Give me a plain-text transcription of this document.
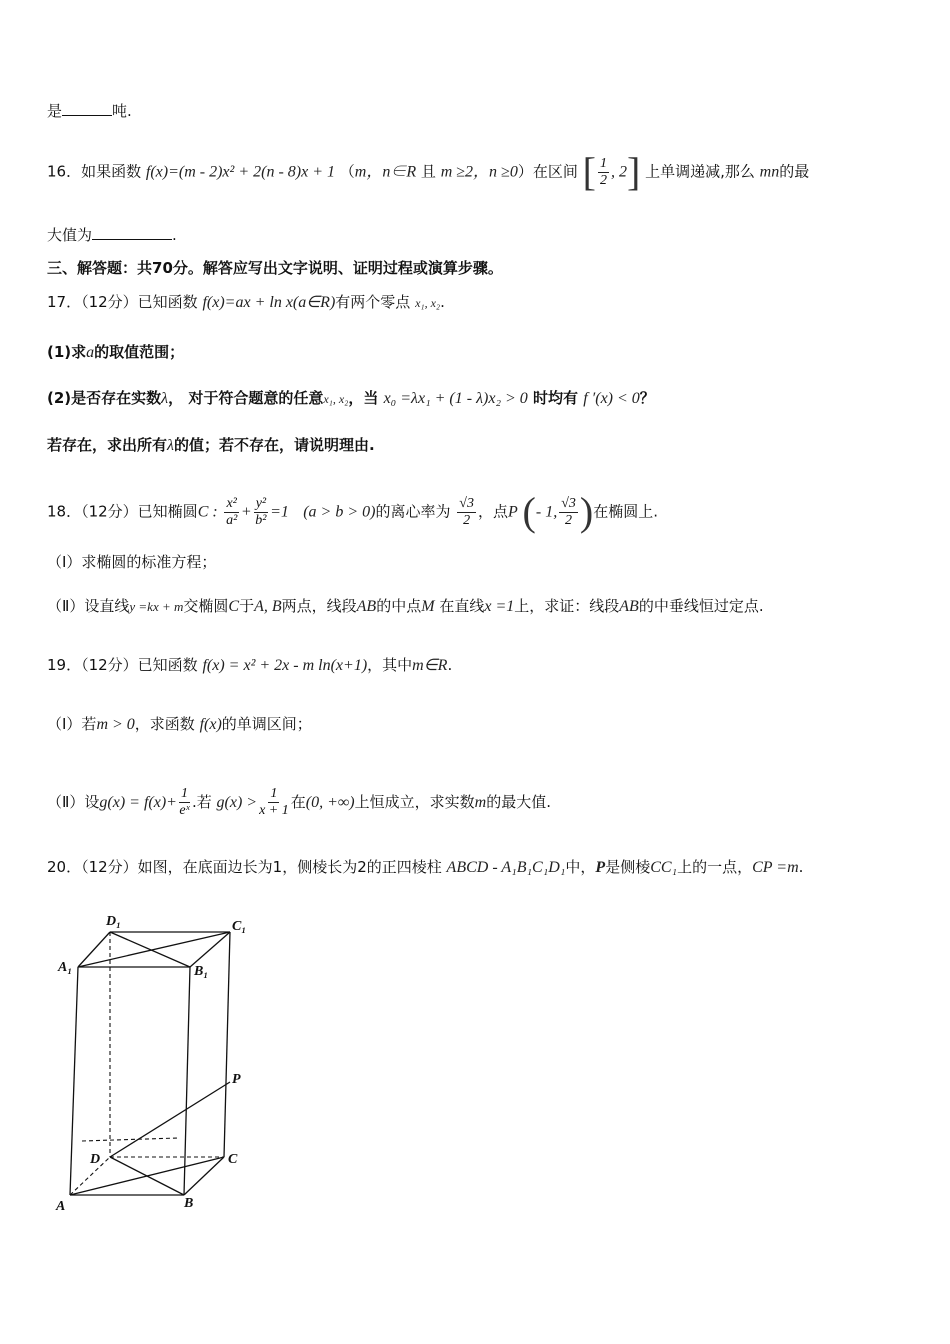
是	吨.
16．如果函数 f(x)=(m - 2)x² + 2(n - 8)x + 1 （m，n∈R 且 m ≥2，n ≥0）在区间 [ $\frac{1}{2}$ , 2] 上单调递减,那么 mn的最
大值为	.
三、解答题：共70分。解答应写出文字说明、证明过程或演算步骤。
17．（12分）已知函数 f(x)=ax + ln x(a∈R)有两个零点 x₁, x₂.
(1)求a的取值范围；
(2)是否存在实数λ， 对于符合题意的任意x₁, x₂，当 x₀ =λx₁ + (1 - λ)x₂ > 0 时均有 f ′(x) < 0？
若存在，求出所有λ的值；若不存在，请说明理由.
18．（12分）已知椭圆C : $\frac{\text{x²}}{\text{a²}} + \frac{\text{y²}}{\text{b²}} =1$ (a > b > 0)的离心率为 $\frac{√3}{2}$ ，点P (- 1, $\frac{√3}{2}$ )在椭圆上.
（Ⅰ）求椭圆的标准方程；
（Ⅱ）设直线y =kx + m交椭圆C于A, B两点，线段AB的中点M 在直线x =1上，求证：线段AB的中垂线恒过定点.
19．（12分）已知函数 f(x) = x² + 2x - m ln(x+1)，其中m∈R.
（Ⅰ）若m > 0，求函数 f(x)的单调区间；
（Ⅱ）设$g(x) = f(x)+ \frac{1}{\text{eˣ}}$ .若 $g(x) > \frac{1}{x + 1}$ 在(0, +∞)上恒成立，求实数m的最大值.
20．（12分）如图，在底面边长为1，侧棱长为2的正四棱柱 ABCD - A₁B₁C₁D₁中，P是侧棱CC₁上的一点，CP =m.
D₁	C₁
A₁	B₁
P
D	C
A	B
